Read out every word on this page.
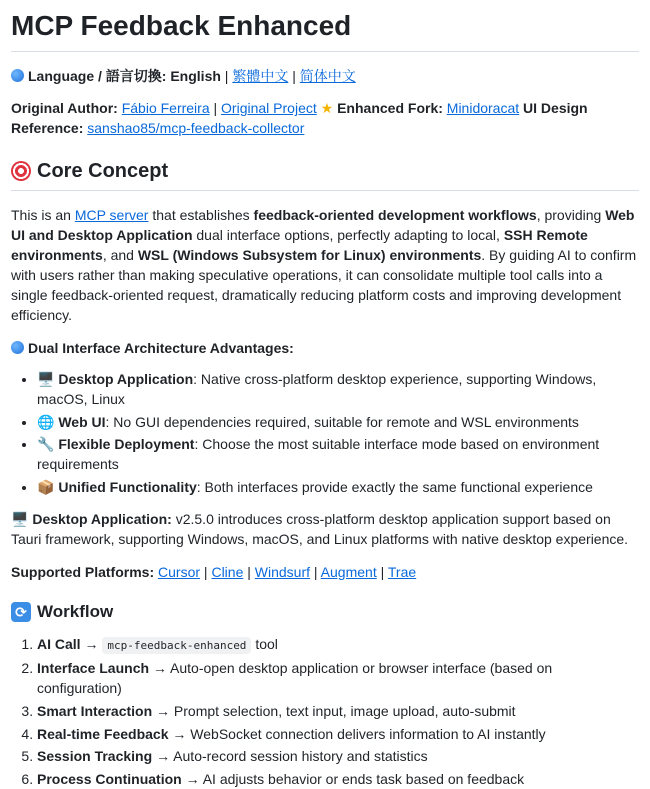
MCP Feedback Enhanced

Language / 語言切換: English | 繁體中文 | 简体中文

Original Author: Fábio Ferreira | Original Project ★ Enhanced Fork: Minidoracat UI Design Reference: sanshao85/mcp-feedback-collector

Core Concept

This is an MCP server that establishes feedback-oriented development workflows, providing Web UI and Desktop Application dual interface options, perfectly adapting to local, SSH Remote environments, and WSL (Windows Subsystem for Linux) environments. By guiding AI to confirm with users rather than making speculative operations, it can consolidate multiple tool calls into a single feedback-oriented request, dramatically reducing platform costs and improving development efficiency.

Dual Interface Architecture Advantages:

• 🖥️ Desktop Application: Native cross-platform desktop experience, supporting Windows, macOS, Linux
• 🌐 Web UI: No GUI dependencies required, suitable for remote and WSL environments
• 🔧 Flexible Deployment: Choose the most suitable interface mode based on environment requirements
• 📦 Unified Functionality: Both interfaces provide exactly the same functional experience

🖥️ Desktop Application: v2.5.0 introduces cross-platform desktop application support based on Tauri framework, supporting Windows, macOS, and Linux platforms with native desktop experience.

Supported Platforms: Cursor | Cline | Windsurf | Augment | Trae

⟳ Workflow
1. AI Call → mcp-feedback-enhanced tool
2. Interface Launch → Auto-open desktop application or browser interface (based on configuration)
3. Smart Interaction → Prompt selection, text input, image upload, auto-submit
4. Real-time Feedback → WebSocket connection delivers information to AI instantly
5. Session Tracking → Auto-record session history and statistics
6. Process Continuation → AI adjusts behavior or ends task based on feedback
